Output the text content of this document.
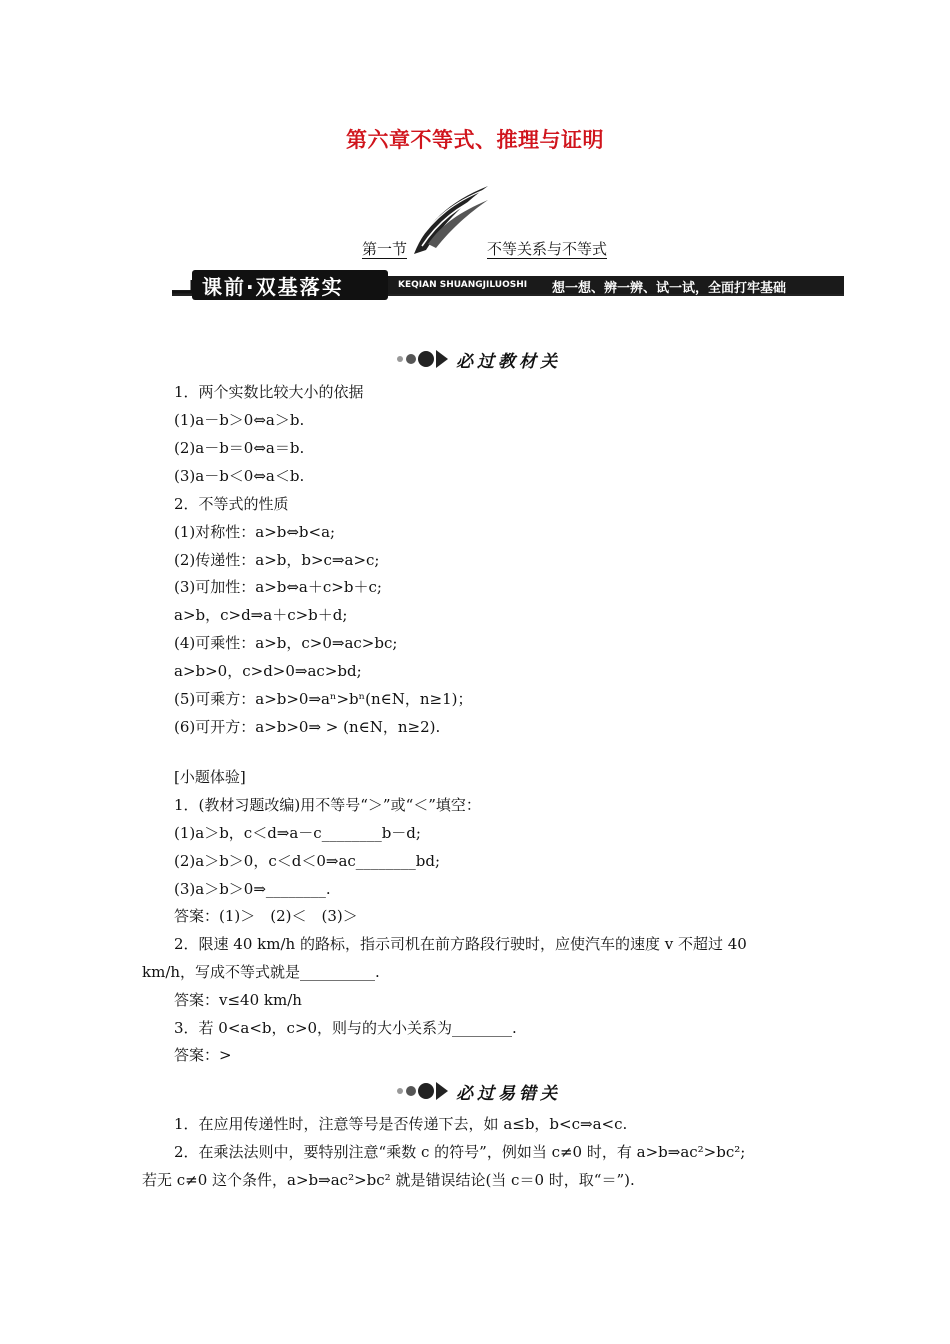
第六章不等式、推理与证明
第一节	不等关系与不等式
课前·双基落实	KEQIAN SHUANGJILUOSHI 想一想、辨一辨、试一试，全面打牢基础
必过教材关
1．两个实数比较大小的依据
(1)a－b＞0⇔a＞b.
(2)a－b＝0⇔a＝b.
(3)a－b＜0⇔a＜b.
2．不等式的性质
(1)对称性：a>b⇔b<a;
(2)传递性：a>b，b>c⇒a>c;
(3)可加性：a>b⇔a＋c>b＋c;
a>b，c>d⇒a＋c>b＋d;
(4)可乘性：a>b，c>0⇒ac>bc;
a>b>0，c>d>0⇒ac>bd;
(5)可乘方：a>b>0⇒aⁿ>bⁿ(n∈N，n≥1)；
(6)可开方：a>b>0⇒ > (n∈N，n≥2).
[小题体验]
1．(教材习题改编)用不等号“＞”或“＜”填空：
(1)a＞b，c＜d⇒a－c________b－d;
(2)a＞b＞0，c＜d＜0⇒ac________bd;
(3)a＞b＞0⇒________.
答案：(1)＞　(2)＜　(3)＞
2．限速 40 km/h 的路标，指示司机在前方路段行驶时，应使汽车的速度 v 不超过 40
km/h，写成不等式就是__________.
答案：v≤40 km/h
3．若 0<a<b，c>0，则与的大小关系为________.
答案：>
必过易错关
1．在应用传递性时，注意等号是否传递下去，如 a≤b，b<c⇒a<c.
2．在乘法法则中，要特别注意“乘数 c 的符号”，例如当 c≠0 时，有 a>b⇒ac²>bc²;
若无 c≠0 这个条件，a>b⇒ac²>bc² 就是错误结论(当 c＝0 时，取“＝”).
